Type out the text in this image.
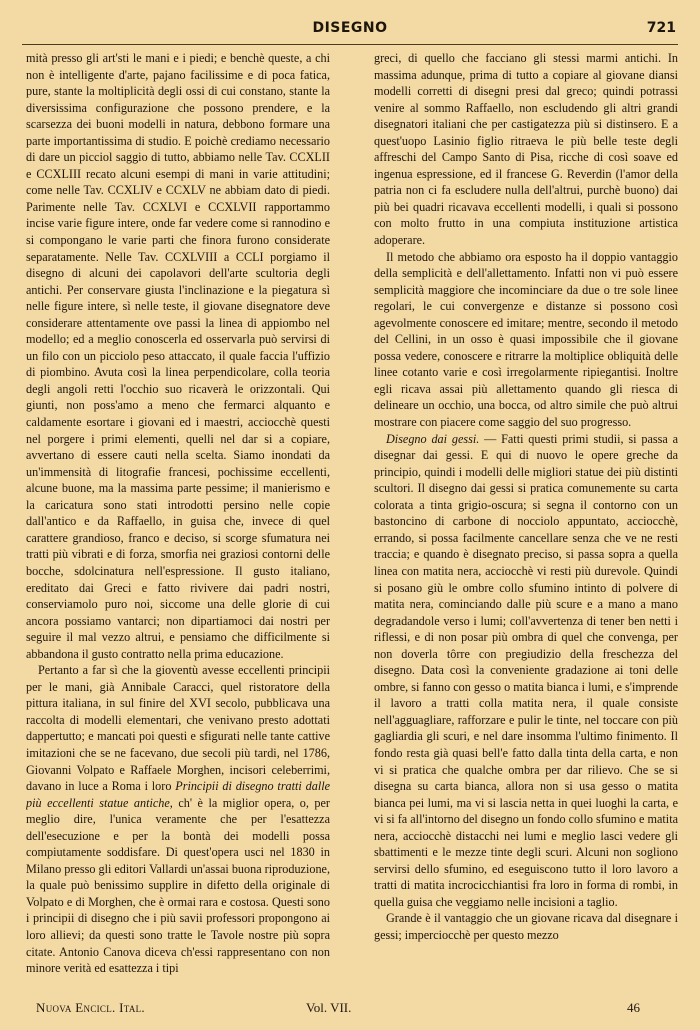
DISEGNO	721

mità presso gli art'sti le mani e i piedi; e benchè queste, a chi non è intelligente d'arte, pajano facilissime e di poca fatica, pure, stante la moltiplicità degli ossi di cui constano, stante la diversissima configurazione che possono prendere, e la scarsezza dei buoni modelli in natura, debbono formare una parte importantissima di studio. E poichè crediamo necessario di dare un picciol saggio di tutto, abbiamo nelle Tav. CCXLII e CCXLIII recato alcuni esempi di mani in varie attitudini; come nelle Tav. CCXLIV e CCXLV ne abbiam dato di piedi. Parimente nelle Tav. CCXLVI e CCXLVII rapportammo incise varie figure intere, onde far vedere come si rannodino e si compongano le varie parti che finora furono considerate separatamente. Nelle Tav. CCXLVIII a CCLI porgiamo il disegno di alcuni dei capolavori dell'arte scultoria degli antichi. Per conservare giusta l'inclinazione e la piegatura sì nelle figure intere, sì nelle teste, il giovane disegnatore deve considerare attentamente ove passi la linea di appiombo nel modello; ed a meglio conoscerla ed osservarla può servirsi di un filo con un picciolo peso attaccato, il quale faccia l'uffizio di piombino. Avuta così la linea perpendicolare, colla teoria degli angoli retti l'occhio suo ricaverà le orizzontali. Qui giunti, non poss'amo a meno che fermarci alquanto e caldamente esortare i giovani ed i maestri, acciocchè questi nel porgere i primi elementi, quelli nel dar si a copiare, avvertano di essere cauti nella scelta. Siamo inondati da un'immensità di litografie francesi, pochissime eccellenti, alcune buone, ma la massima parte pessime; il manierismo e la caricatura sono stati introdotti persino nelle copie dall'antico e da Raffaello, in guisa che, invece di quel carattere grandioso, franco e deciso, si scorge sfumatura nei tratti più vibrati e di forza, smorfia nei graziosi contorni delle bocche, sdolcinatura nell'espressione. Il gusto italiano, ereditato dai Greci e fatto rivivere dai padri nostri, conserviamolo puro noi, siccome una delle glorie di cui ancora possiamo vantarci; non dipartiamoci dai nostri per seguire il mal vezzo altrui, e pensiamo che difficilmente si abbandona il gusto contratto nella prima educazione.

Pertanto a far sì che la gioventù avesse eccellenti principii per le mani, già Annibale Caracci, quel ristoratore della pittura italiana, in sul finire del XVI secolo, pubblicava una raccolta di modelli elementari, che venivano presto adottati dappertutto; e mancati poi questi e sfigurati nelle tante cattive imitazioni che se ne facevano, due secoli più tardi, nel 1786, Giovanni Volpato e Raffaele Morghen, incisori celeberrimi, davano in luce a Roma i loro Principii di disegno tratti dalle più eccellenti statue antiche, ch' è la miglior opera, o, per meglio dire, l'unica veramente che per l'esattezza dell'esecuzione e per la bontà dei modelli possa compiutamente soddisfare. Di quest'opera usci nel 1830 in Milano presso gli editori Vallardi un'assai buona riproduzione, la quale può benissimo supplire in difetto della originale di Volpato e di Morghen, che è ormai rara e costosa. Questi sono i principii di disegno che i più savii professori propongono ai loro allievi; da questi sono tratte le Tavole nostre più sopra citate. Antonio Canova diceva ch'essi rappresentano con non minore verità ed esattezza i tipi

greci, di quello che facciano gli stessi marmi antichi. In massima adunque, prima di tutto a copiare al giovane diansi modelli corretti di disegni presi dal greco; quindi potrassi venire al sommo Raffaello, non escludendo gli altri grandi disegnatori italiani che per castigatezza più si distinsero. E a quest'uopo Lasinio figlio ritraeva le più belle teste degli affreschi del Campo Santo di Pisa, ricche di così soave ed ingenua espressione, ed il francese G. Reverdin (l'amor della patria non ci fa escludere nulla dell'altrui, purchè buono) dai più bei quadri ricavava eccellenti modelli, i quali si possono con molto frutto in una compiuta instituzione artistica adoperare.

Il metodo che abbiamo ora esposto ha il doppio vantaggio della semplicità e dell'allettamento. Infatti non vi può essere semplicità maggiore che incominciare da due o tre sole linee regolari, le cui convergenze e distanze si possono così agevolmente conoscere ed imitare; mentre, secondo il metodo del Cellini, in un osso è quasi impossibile che il giovane possa vedere, conoscere e ritrarre la moltiplice obliquità delle linee cotanto varie e così irregolarmente ripiegantisi. Inoltre egli ricava assai più allettamento quando gli riesca di delineare un occhio, una bocca, od altro simile che può altrui mostrare con piacere come saggio del suo progresso.

Disegno dai gessi. — Fatti questi primi studii, si passa a disegnar dai gessi. E qui di nuovo le opere greche da principio, quindi i modelli delle migliori statue dei più distinti scultori. Il disegno dai gessi si pratica comunemente su carta colorata a tinta grigio-oscura; si segna il contorno con un bastoncino di carbone di nocciolo appuntato, acciocchè, errando, si possa facilmente cancellare senza che ve ne resti traccia; e quando è disegnato preciso, si passa sopra a quella linea con matita nera, acciocchè vi resti più durevole. Quindi si posano giù le ombre collo sfumino intinto di polvere di matita nera, cominciando dalle più scure e a mano a mano degradandole verso i lumi; coll'avvertenza di tener ben netti i riflessi, e di non posar più ombra di quel che convenga, per non doverla tôrre con pregiudizio della freschezza del disegno. Data così la conveniente gradazione ai toni delle ombre, si fanno con gesso o matita bianca i lumi, e s'imprende il lavoro a tratti colla matita nera, il quale consiste nell'agguagliare, rafforzare e pulir le tinte, nel toccare con più gagliardia gli scuri, e nel dare insomma l'ultimo finimento. Il fondo resta già quasi bell'e fatto dalla tinta della carta, e non vi si pratica che qualche ombra per dar rilievo. Che se si disegna su carta bianca, allora non si usa gesso o matita bianca pei lumi, ma vi si lascia netta in quei luoghi la carta, e vi si fa all'intorno del disegno un fondo collo sfumino e matita nera, acciocchè distacchi nei lumi e meglio lasci vedere gli sbattimenti e le mezze tinte degli scuri. Alcuni non sogliono servirsi dello sfumino, ed eseguiscono tutto il loro lavoro a tratti di matita incrocicchiantisi fra loro in forma di rombi, in quella guisa che veggiamo nelle incisioni a taglio.

Grande è il vantaggio che un giovane ricava dal disegnare i gessi; imperciocchè per questo mezzo

Nuova Encicl. Ital.	Vol. VII.	46
